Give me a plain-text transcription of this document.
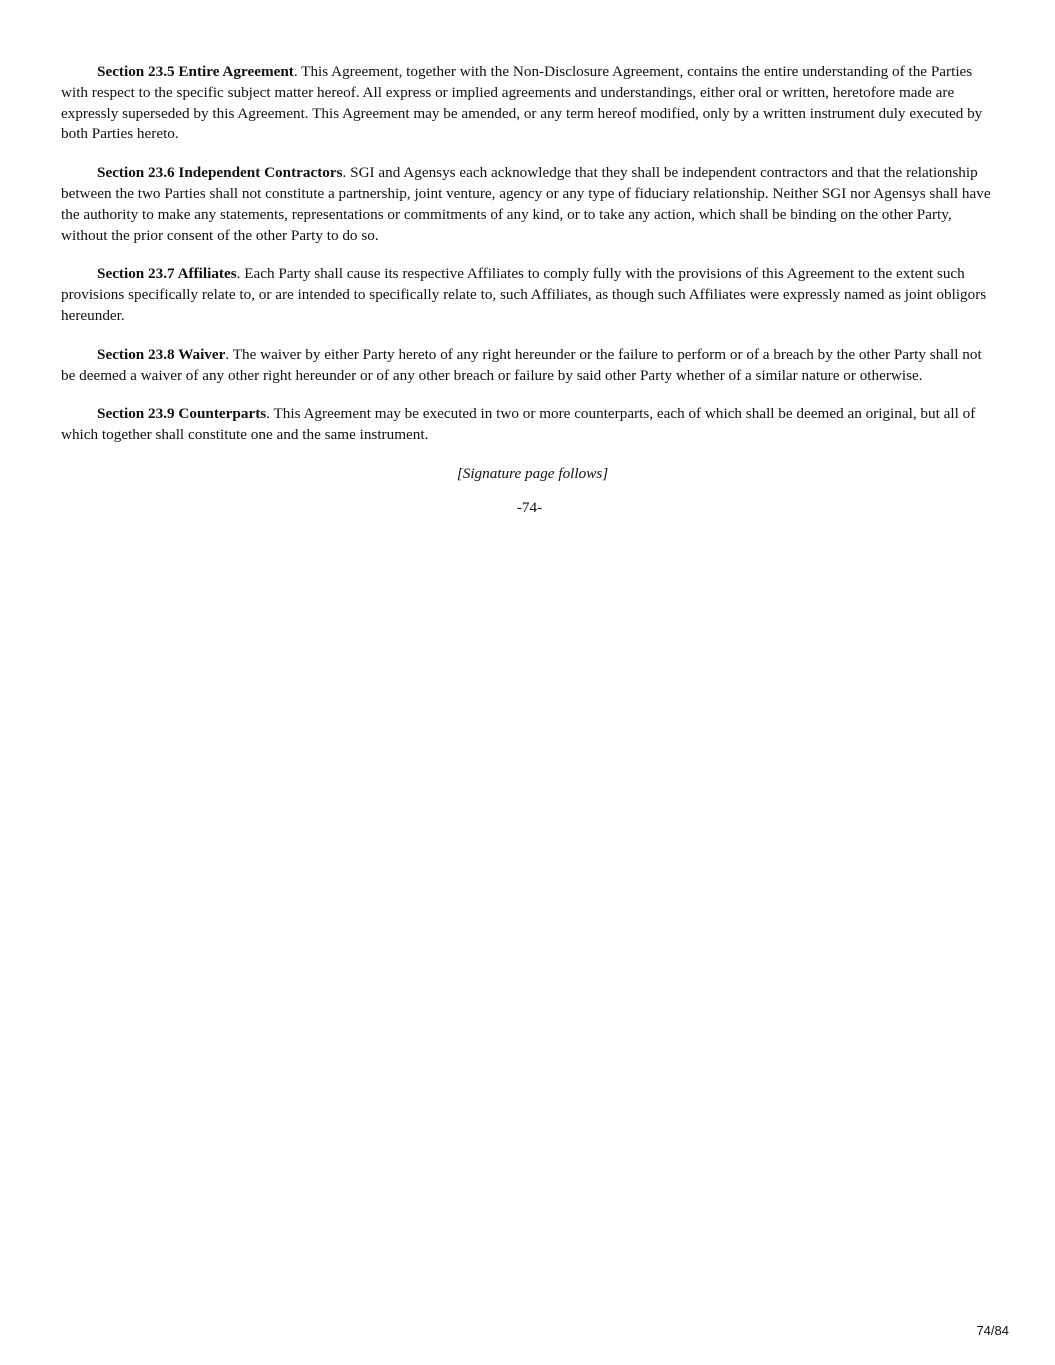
Section 23.5 Entire Agreement. This Agreement, together with the Non-Disclosure Agreement, contains the entire understanding of the Parties with respect to the specific subject matter hereof. All express or implied agreements and understandings, either oral or written, heretofore made are expressly superseded by this Agreement. This Agreement may be amended, or any term hereof modified, only by a written instrument duly executed by both Parties hereto.

Section 23.6 Independent Contractors. SGI and Agensys each acknowledge that they shall be independent contractors and that the relationship between the two Parties shall not constitute a partnership, joint venture, agency or any type of fiduciary relationship. Neither SGI nor Agensys shall have the authority to make any statements, representations or commitments of any kind, or to take any action, which shall be binding on the other Party, without the prior consent of the other Party to do so.

Section 23.7 Affiliates. Each Party shall cause its respective Affiliates to comply fully with the provisions of this Agreement to the extent such provisions specifically relate to, or are intended to specifically relate to, such Affiliates, as though such Affiliates were expressly named as joint obligors hereunder.

Section 23.8 Waiver. The waiver by either Party hereto of any right hereunder or the failure to perform or of a breach by the other Party shall not be deemed a waiver of any other right hereunder or of any other breach or failure by said other Party whether of a similar nature or otherwise.

Section 23.9 Counterparts. This Agreement may be executed in two or more counterparts, each of which shall be deemed an original, but all of which together shall constitute one and the same instrument.

[Signature page follows]

-74-

74/84
